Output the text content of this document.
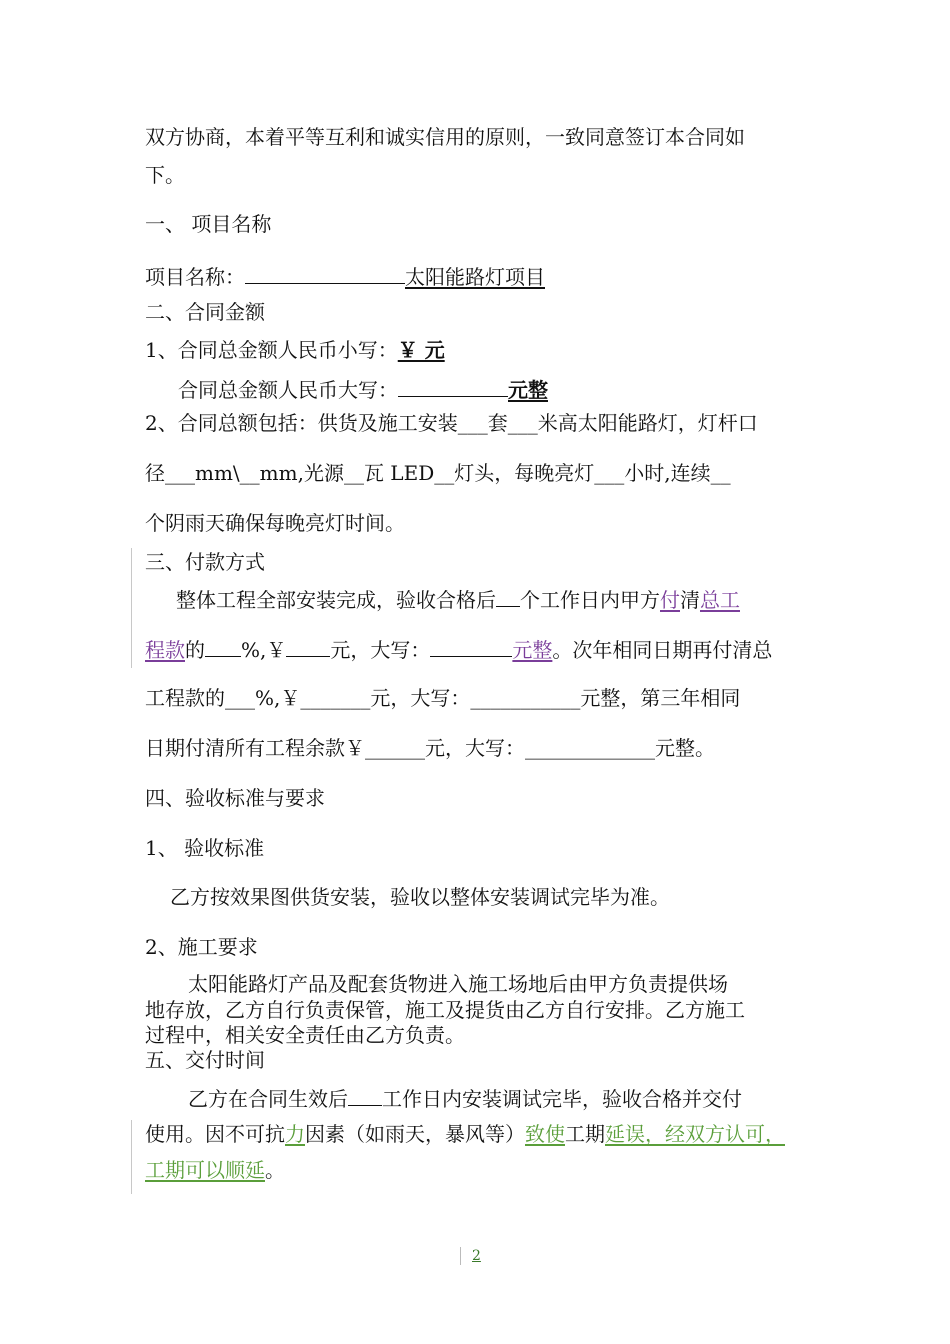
双方协商，本着平等互利和诚实信用的原则，一致同意签订本合同如
下。
一、 项目名称
项目名称：	太阳能路灯项目
二、合同金额
1、合同总金额人民币小写：￥ 元
合同总金额人民币大写：	元整
2、合同总额包括：供货及施工安装___套___米高太阳能路灯，灯杆口
径___mm\__mm,光源__瓦 LED__灯头，每晚亮灯___小时,连续__
个阴雨天确保每晚亮灯时间。
三、付款方式
整体工程全部安装完成，验收合格后 个工作日内甲方付清总工
程款的 %,￥ 元，大写：	元整。次年相同日期再付清总
工程款的___%,￥_______元，大写：___________元整，第三年相同
日期付清所有工程余款￥______元，大写：_____________元整。
四、验收标准与要求
1、 验收标准
乙方按效果图供货安装，验收以整体安装调试完毕为准。
2、施工要求
太阳能路灯产品及配套货物进入施工场地后由甲方负责提供场
地存放，乙方自行负责保管，施工及提货由乙方自行安排。乙方施工
过程中，相关安全责任由乙方负责。
五、交付时间
乙方在合同生效后 工作日内安装调试完毕，验收合格并交付
使用。因不可抗力因素（如雨天，暴风等）致使工期延误，经双方认可，
工期可以顺延。
2
